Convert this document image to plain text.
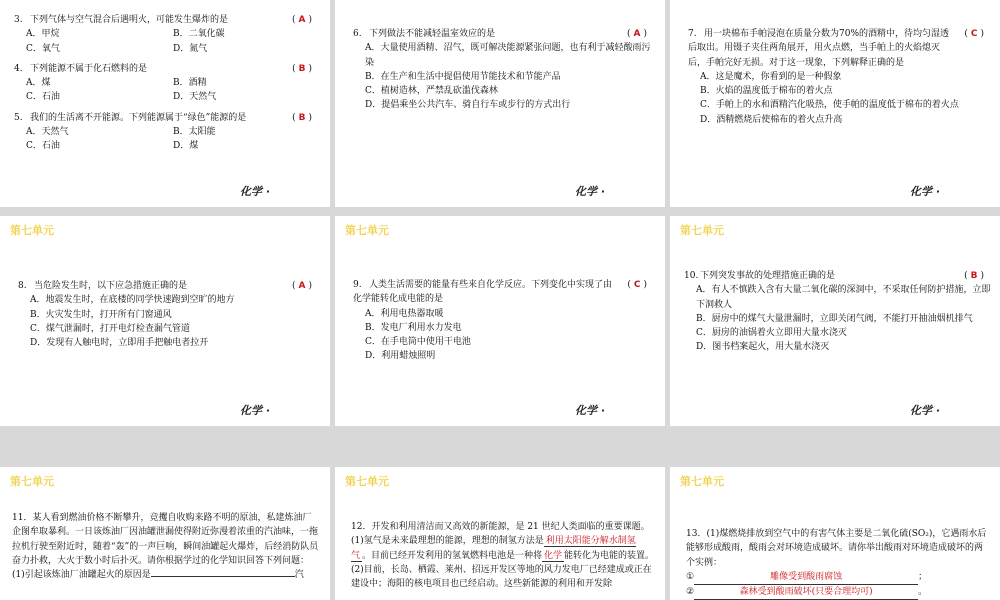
3. 下列气体与空气混合后遇明火，可能发生爆炸的是	( A )
A．甲烷	B．二氧化碳
C．氧气	D．氮气
4. 下列能源不属于化石燃料的是	( B )
A．煤	B．酒精
C．石油	D．天然气
5. 我们的生活离不开能源。下列能源属于“绿色”能源的是	( B )
A．天然气	B．太阳能
C．石油	D．煤
化学 ·
6. 下列做法不能减轻温室效应的是	( A )
A．大量使用酒精、沼气，既可解决能源紧张问题，也有利于减轻酸雨污染
B．在生产和生活中提倡使用节能技术和节能产品
C．植树造林，严禁乱砍滥伐森林
D．提倡乘坐公共汽车、骑自行车或步行的方式出行
化学 ·
7. 用一块棉布手帕浸泡在质量分数为70%的酒精中，待均匀湿透后取出。用镊子夹住两角展开，用火点燃，当手帕上的火焰熄灭后，手帕完好无损。对于这一现象，下列解释正确的是
( C )
A．这是魔术，你看到的是一种假象
B．火焰的温度低于棉布的着火点
C．手帕上的水和酒精汽化吸热，使手帕的温度低于棉布的着火点
D．酒精燃烧后使棉布的着火点升高
化学 ·
第七单元
8. 当危险发生时，以下应急措施正确的是	( A )
A．地震发生时，在底楼的同学快速跑到空旷的地方
B．火灾发生时，打开所有门窗通风
C．煤气泄漏时，打开电灯检查漏气管道
D．发现有人触电时，立即用手把触电者拉开
化学 ·
第七单元
9. 人类生活需要的能量有些来自化学反应。下列变化中实现了由化学能转化成电能的是
( C )
A．利用电热器取暖
B．发电厂利用水力发电
C．在手电筒中使用干电池
D．利用蜡烛照明
化学 ·
第七单元
10. 下列突发事故的处理措施正确的是	( B )
A．有人不慎跌入含有大量二氧化碳的深洞中，不采取任何防护措施，立即下洞救人
B．厨房中的煤气大量泄漏时，立即关闭气阀，不能打开抽油烟机排气
C．厨房的油锅着火立即用大量水浇灭
D．图书档案起火，用大量水浇灭
化学 ·
第七单元
11．某人看到燃油价格不断攀升，竞攫自收购来路不明的原油，私建炼油厂企图牟取暴利。一日该炼油厂因油罐泄漏使得附近弥漫着浓重的汽油味，一拖拉机行驶至附近时，随着“轰”的一声巨响，瞬间油罐起火爆炸，后经消防队员奋力扑救，大火于数小时后扑灭。请你根据学过的化学知识回答下列问题：
(1)引起该炼油厂油罐起火的原因是	汽
第七单元
12．开发和利用清洁而又高效的新能源，是 21 世纪人类面临的重要课题。
(1)氢气是未来最理想的能源，理想的制氢方法是 利用太阳能分解水制氢气 。目前已经开发利用的氢氧燃料电池是一种将 化学 能转化为电能的装置。
(2)目前，长岛、栖霞、莱州、招远开发区等地的风力发电厂已经建成或正在建设中；海阳的核电项目也已经启动。这些新能源的利用和开发除
第七单元
13．(1)煤燃烧排放到空气中的有害气体主要是二氧化硫(SO₂)，它遇雨水后能够形成酸雨，酸雨会对环境造成破坏。请你举出酸雨对环境造成破坏的两个实例：
①	雕像受到酸雨腐蚀	；
②	森林受到酸雨破坏(只要合理均可)	。
